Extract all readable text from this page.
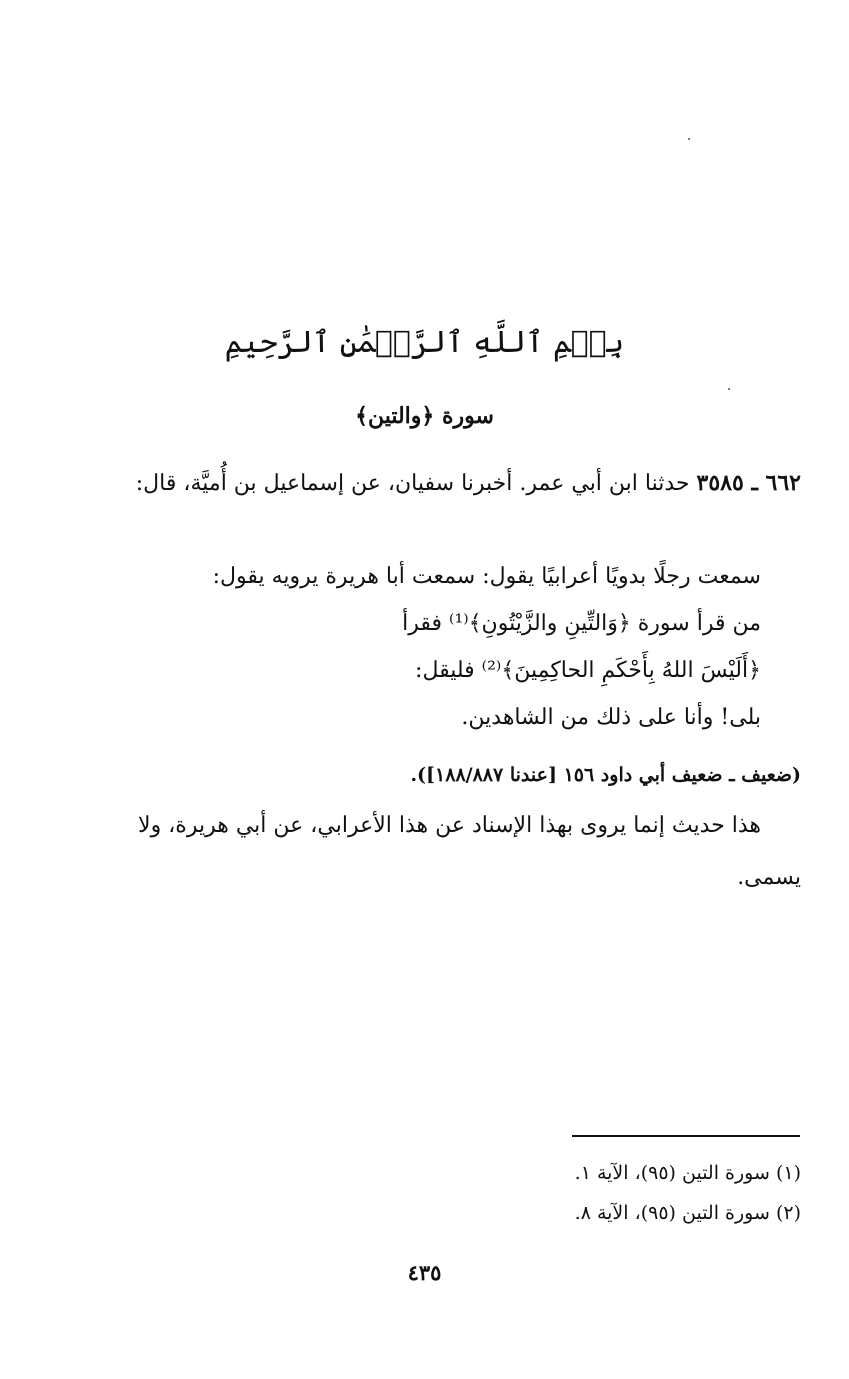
بِسۡمِ ٱللَّهِ ٱلرَّحۡمَٰنِ ٱلرَّحِيمِ
سورة ﴿والتين﴾
٦٦٢ ـ ٣٥٨٥ حدثنا ابن أبي عمر. أخبرنا سفيان، عن إسماعيل بن أُميَّة، قال:
سمعت رجلًا بدويًا أعرابيًا يقول: سمعت أبا هريرة يرويه يقول:
من قرأ سورة ﴿وَالتِّينِ والزَّيْتُونِ﴾⁽¹⁾ فقرأ
﴿أَلَيْسَ اللهُ بِأَحْكَمِ الحاكِمِينَ﴾⁽²⁾ فليقل:
بلى! وأنا على ذلك من الشاهدين.
(ضعيف ـ ضعيف أبي داود ١٥٦ [عندنا ١٨٨/٨٨٧]).
هذا حديث إنما يروى بهذا الإسناد عن هذا الأعرابي، عن أبي هريرة، ولا
يسمى.
(١) سورة التين (٩٥)، الآية ١.
(٢) سورة التين (٩٥)، الآية ٨.
٤٣٥
